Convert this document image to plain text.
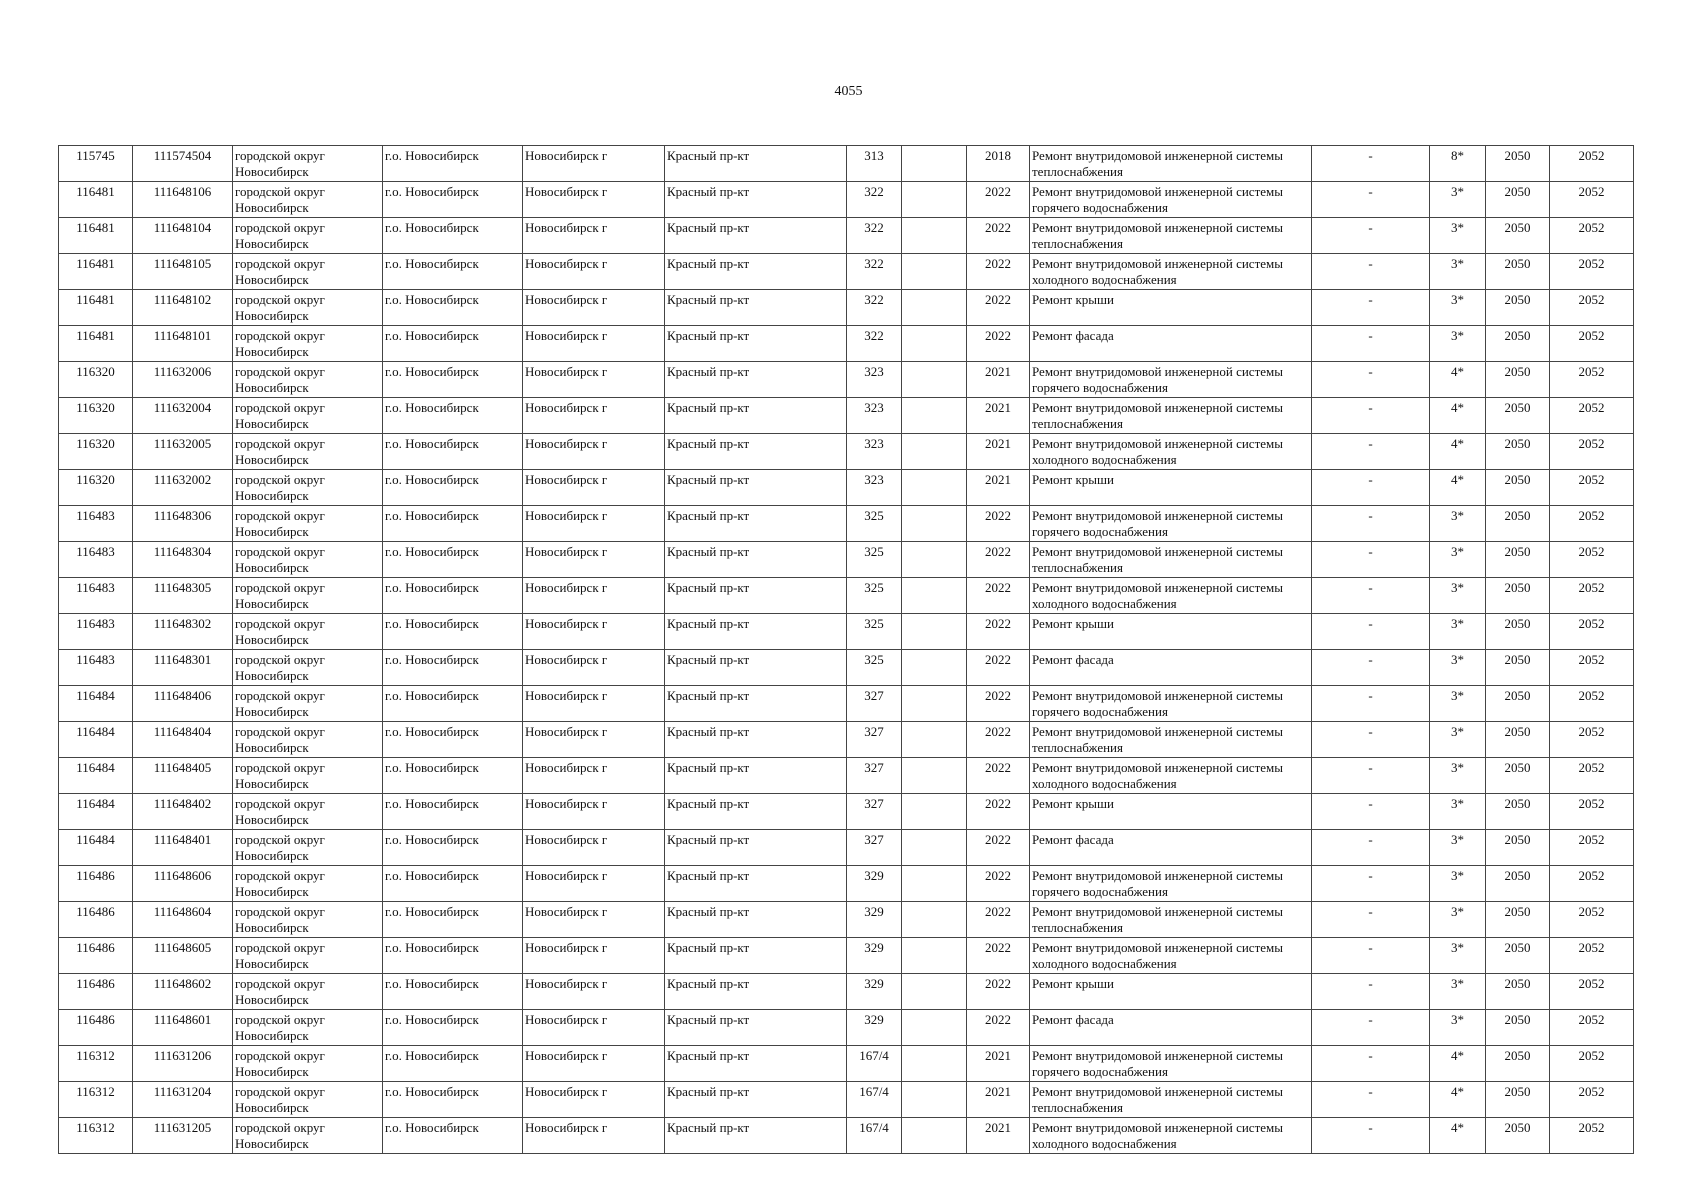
4055
115745	111574504	городской округ Новосибирск	г.о. Новосибирск	Новосибирск г	Красный пр-кт	313		2018	Ремонт внутридомовой инженерной системы теплоснабжения	-	8*	2050	2052
116481	111648106	городской округ Новосибирск	г.о. Новосибирск	Новосибирск г	Красный пр-кт	322		2022	Ремонт внутридомовой инженерной системы горячего водоснабжения	-	3*	2050	2052
116481	111648104	городской округ Новосибирск	г.о. Новосибирск	Новосибирск г	Красный пр-кт	322		2022	Ремонт внутридомовой инженерной системы теплоснабжения	-	3*	2050	2052
116481	111648105	городской округ Новосибирск	г.о. Новосибирск	Новосибирск г	Красный пр-кт	322		2022	Ремонт внутридомовой инженерной системы холодного водоснабжения	-	3*	2050	2052
116481	111648102	городской округ Новосибирск	г.о. Новосибирск	Новосибирск г	Красный пр-кт	322		2022	Ремонт крыши	-	3*	2050	2052
116481	111648101	городской округ Новосибирск	г.о. Новосибирск	Новосибирск г	Красный пр-кт	322		2022	Ремонт фасада	-	3*	2050	2052
116320	111632006	городской округ Новосибирск	г.о. Новосибирск	Новосибирск г	Красный пр-кт	323		2021	Ремонт внутридомовой инженерной системы горячего водоснабжения	-	4*	2050	2052
116320	111632004	городской округ Новосибирск	г.о. Новосибирск	Новосибирск г	Красный пр-кт	323		2021	Ремонт внутридомовой инженерной системы теплоснабжения	-	4*	2050	2052
116320	111632005	городской округ Новосибирск	г.о. Новосибирск	Новосибирск г	Красный пр-кт	323		2021	Ремонт внутридомовой инженерной системы холодного водоснабжения	-	4*	2050	2052
116320	111632002	городской округ Новосибирск	г.о. Новосибирск	Новосибирск г	Красный пр-кт	323		2021	Ремонт крыши	-	4*	2050	2052
116483	111648306	городской округ Новосибирск	г.о. Новосибирск	Новосибирск г	Красный пр-кт	325		2022	Ремонт внутридомовой инженерной системы горячего водоснабжения	-	3*	2050	2052
116483	111648304	городской округ Новосибирск	г.о. Новосибирск	Новосибирск г	Красный пр-кт	325		2022	Ремонт внутридомовой инженерной системы теплоснабжения	-	3*	2050	2052
116483	111648305	городской округ Новосибирск	г.о. Новосибирск	Новосибирск г	Красный пр-кт	325		2022	Ремонт внутридомовой инженерной системы холодного водоснабжения	-	3*	2050	2052
116483	111648302	городской округ Новосибирск	г.о. Новосибирск	Новосибирск г	Красный пр-кт	325		2022	Ремонт крыши	-	3*	2050	2052
116483	111648301	городской округ Новосибирск	г.о. Новосибирск	Новосибирск г	Красный пр-кт	325		2022	Ремонт фасада	-	3*	2050	2052
116484	111648406	городской округ Новосибирск	г.о. Новосибирск	Новосибирск г	Красный пр-кт	327		2022	Ремонт внутридомовой инженерной системы горячего водоснабжения	-	3*	2050	2052
116484	111648404	городской округ Новосибирск	г.о. Новосибирск	Новосибирск г	Красный пр-кт	327		2022	Ремонт внутридомовой инженерной системы теплоснабжения	-	3*	2050	2052
116484	111648405	городской округ Новосибирск	г.о. Новосибирск	Новосибирск г	Красный пр-кт	327		2022	Ремонт внутридомовой инженерной системы холодного водоснабжения	-	3*	2050	2052
116484	111648402	городской округ Новосибирск	г.о. Новосибирск	Новосибирск г	Красный пр-кт	327		2022	Ремонт крыши	-	3*	2050	2052
116484	111648401	городской округ Новосибирск	г.о. Новосибирск	Новосибирск г	Красный пр-кт	327		2022	Ремонт фасада	-	3*	2050	2052
116486	111648606	городской округ Новосибирск	г.о. Новосибирск	Новосибирск г	Красный пр-кт	329		2022	Ремонт внутридомовой инженерной системы горячего водоснабжения	-	3*	2050	2052
116486	111648604	городской округ Новосибирск	г.о. Новосибирск	Новосибирск г	Красный пр-кт	329		2022	Ремонт внутридомовой инженерной системы теплоснабжения	-	3*	2050	2052
116486	111648605	городской округ Новосибирск	г.о. Новосибирск	Новосибирск г	Красный пр-кт	329		2022	Ремонт внутридомовой инженерной системы холодного водоснабжения	-	3*	2050	2052
116486	111648602	городской округ Новосибирск	г.о. Новосибирск	Новосибирск г	Красный пр-кт	329		2022	Ремонт крыши	-	3*	2050	2052
116486	111648601	городской округ Новосибирск	г.о. Новосибирск	Новосибирск г	Красный пр-кт	329		2022	Ремонт фасада	-	3*	2050	2052
116312	111631206	городской округ Новосибирск	г.о. Новосибирск	Новосибирск г	Красный пр-кт	167/4		2021	Ремонт внутридомовой инженерной системы горячего водоснабжения	-	4*	2050	2052
116312	111631204	городской округ Новосибирск	г.о. Новосибирск	Новосибирск г	Красный пр-кт	167/4		2021	Ремонт внутридомовой инженерной системы теплоснабжения	-	4*	2050	2052
116312	111631205	городской округ Новосибирск	г.о. Новосибирск	Новосибирск г	Красный пр-кт	167/4		2021	Ремонт внутридомовой инженерной системы холодного водоснабжения	-	4*	2050	2052
